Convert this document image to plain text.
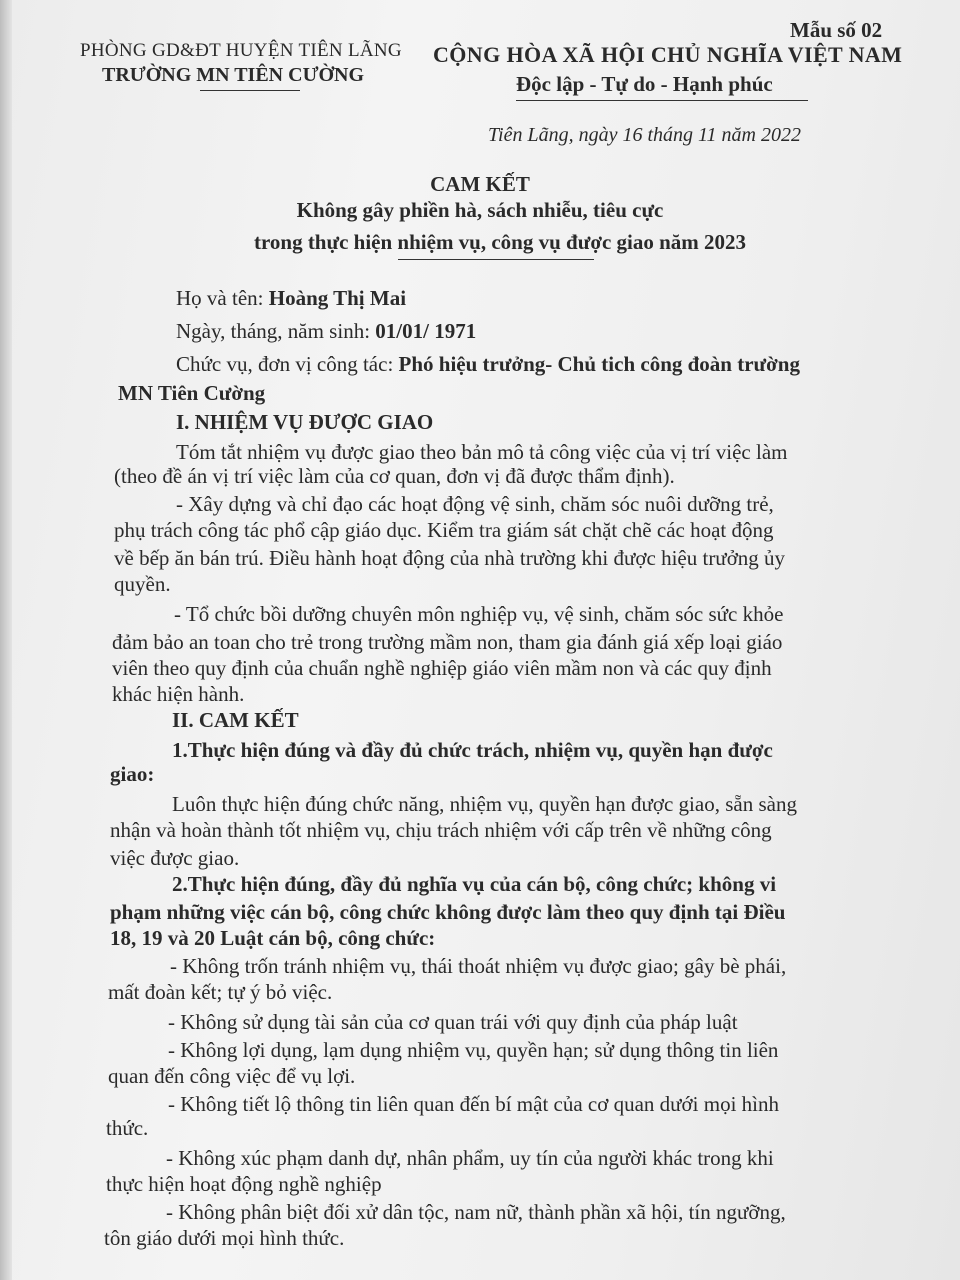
Mẫu số 02
PHÒNG GD&ĐT HUYỆN TIÊN LÃNG
TRƯỜNG MN TIÊN CƯỜNG
CỘNG HÒA XÃ HỘI CHỦ NGHĨA VIỆT NAM
Độc lập - Tự do - Hạnh phúc
Tiên Lãng, ngày 16 tháng 11 năm 2022
CAM KẾT
Không gây phiền hà, sách nhiễu, tiêu cực
trong thực hiện nhiệm vụ, công vụ được giao năm 2023
Họ và tên: Hoàng Thị Mai
Ngày, tháng, năm sinh: 01/01/ 1971
Chức vụ, đơn vị công tác: Phó hiệu trưởng- Chủ tich công đoàn trường
MN Tiên Cường
I. NHIỆM VỤ ĐƯỢC GIAO
Tóm tắt nhiệm vụ được giao theo bản mô tả công việc của vị trí việc làm
(theo đề án vị trí việc làm của cơ quan, đơn vị đã được thẩm định).
- Xây dựng và chỉ đạo các hoạt động vệ sinh, chăm sóc nuôi dưỡng trẻ,
phụ trách công tác phổ cập giáo dục. Kiểm tra giám sát chặt chẽ các hoạt động
về bếp ăn bán trú. Điều hành hoạt động của nhà trường khi được hiệu trưởng ủy
quyền.
- Tổ chức bồi dưỡng chuyên môn nghiệp vụ, vệ sinh, chăm sóc sức khỏe
đảm bảo an toan cho trẻ trong trường mầm non, tham gia đánh giá xếp loại giáo
viên theo quy định của chuẩn nghề nghiệp giáo viên mầm non và các quy định
khác hiện hành.
II. CAM KẾT
1.Thực hiện đúng và đầy đủ chức trách, nhiệm vụ, quyền hạn được
giao:
Luôn thực hiện đúng chức năng, nhiệm vụ, quyền hạn được giao, sẵn sàng
nhận và hoàn thành tốt nhiệm vụ, chịu trách nhiệm với cấp trên về những công
việc được giao.
2.Thực hiện đúng, đầy đủ nghĩa vụ của cán bộ, công chức; không vi
phạm những việc cán bộ, công chức không được làm theo quy định tại Điều
18, 19 và 20 Luật cán bộ, công chức:
- Không trốn tránh nhiệm vụ, thái thoát nhiệm vụ được giao; gây bè phái,
mất đoàn kết; tự ý bỏ việc.
- Không sử dụng tài sản của cơ quan trái với quy định của pháp luật
- Không lợi dụng, lạm dụng nhiệm vụ, quyền hạn; sử dụng thông tin liên
quan đến công việc để vụ lợi.
- Không tiết lộ thông tin liên quan đến bí mật của cơ quan dưới mọi hình
thức.
- Không xúc phạm danh dự, nhân phẩm, uy tín của người khác trong khi
thực hiện hoạt động nghề nghiệp
- Không phân biệt đối xử dân tộc, nam nữ, thành phần xã hội, tín ngưỡng,
tôn giáo dưới mọi hình thức.
